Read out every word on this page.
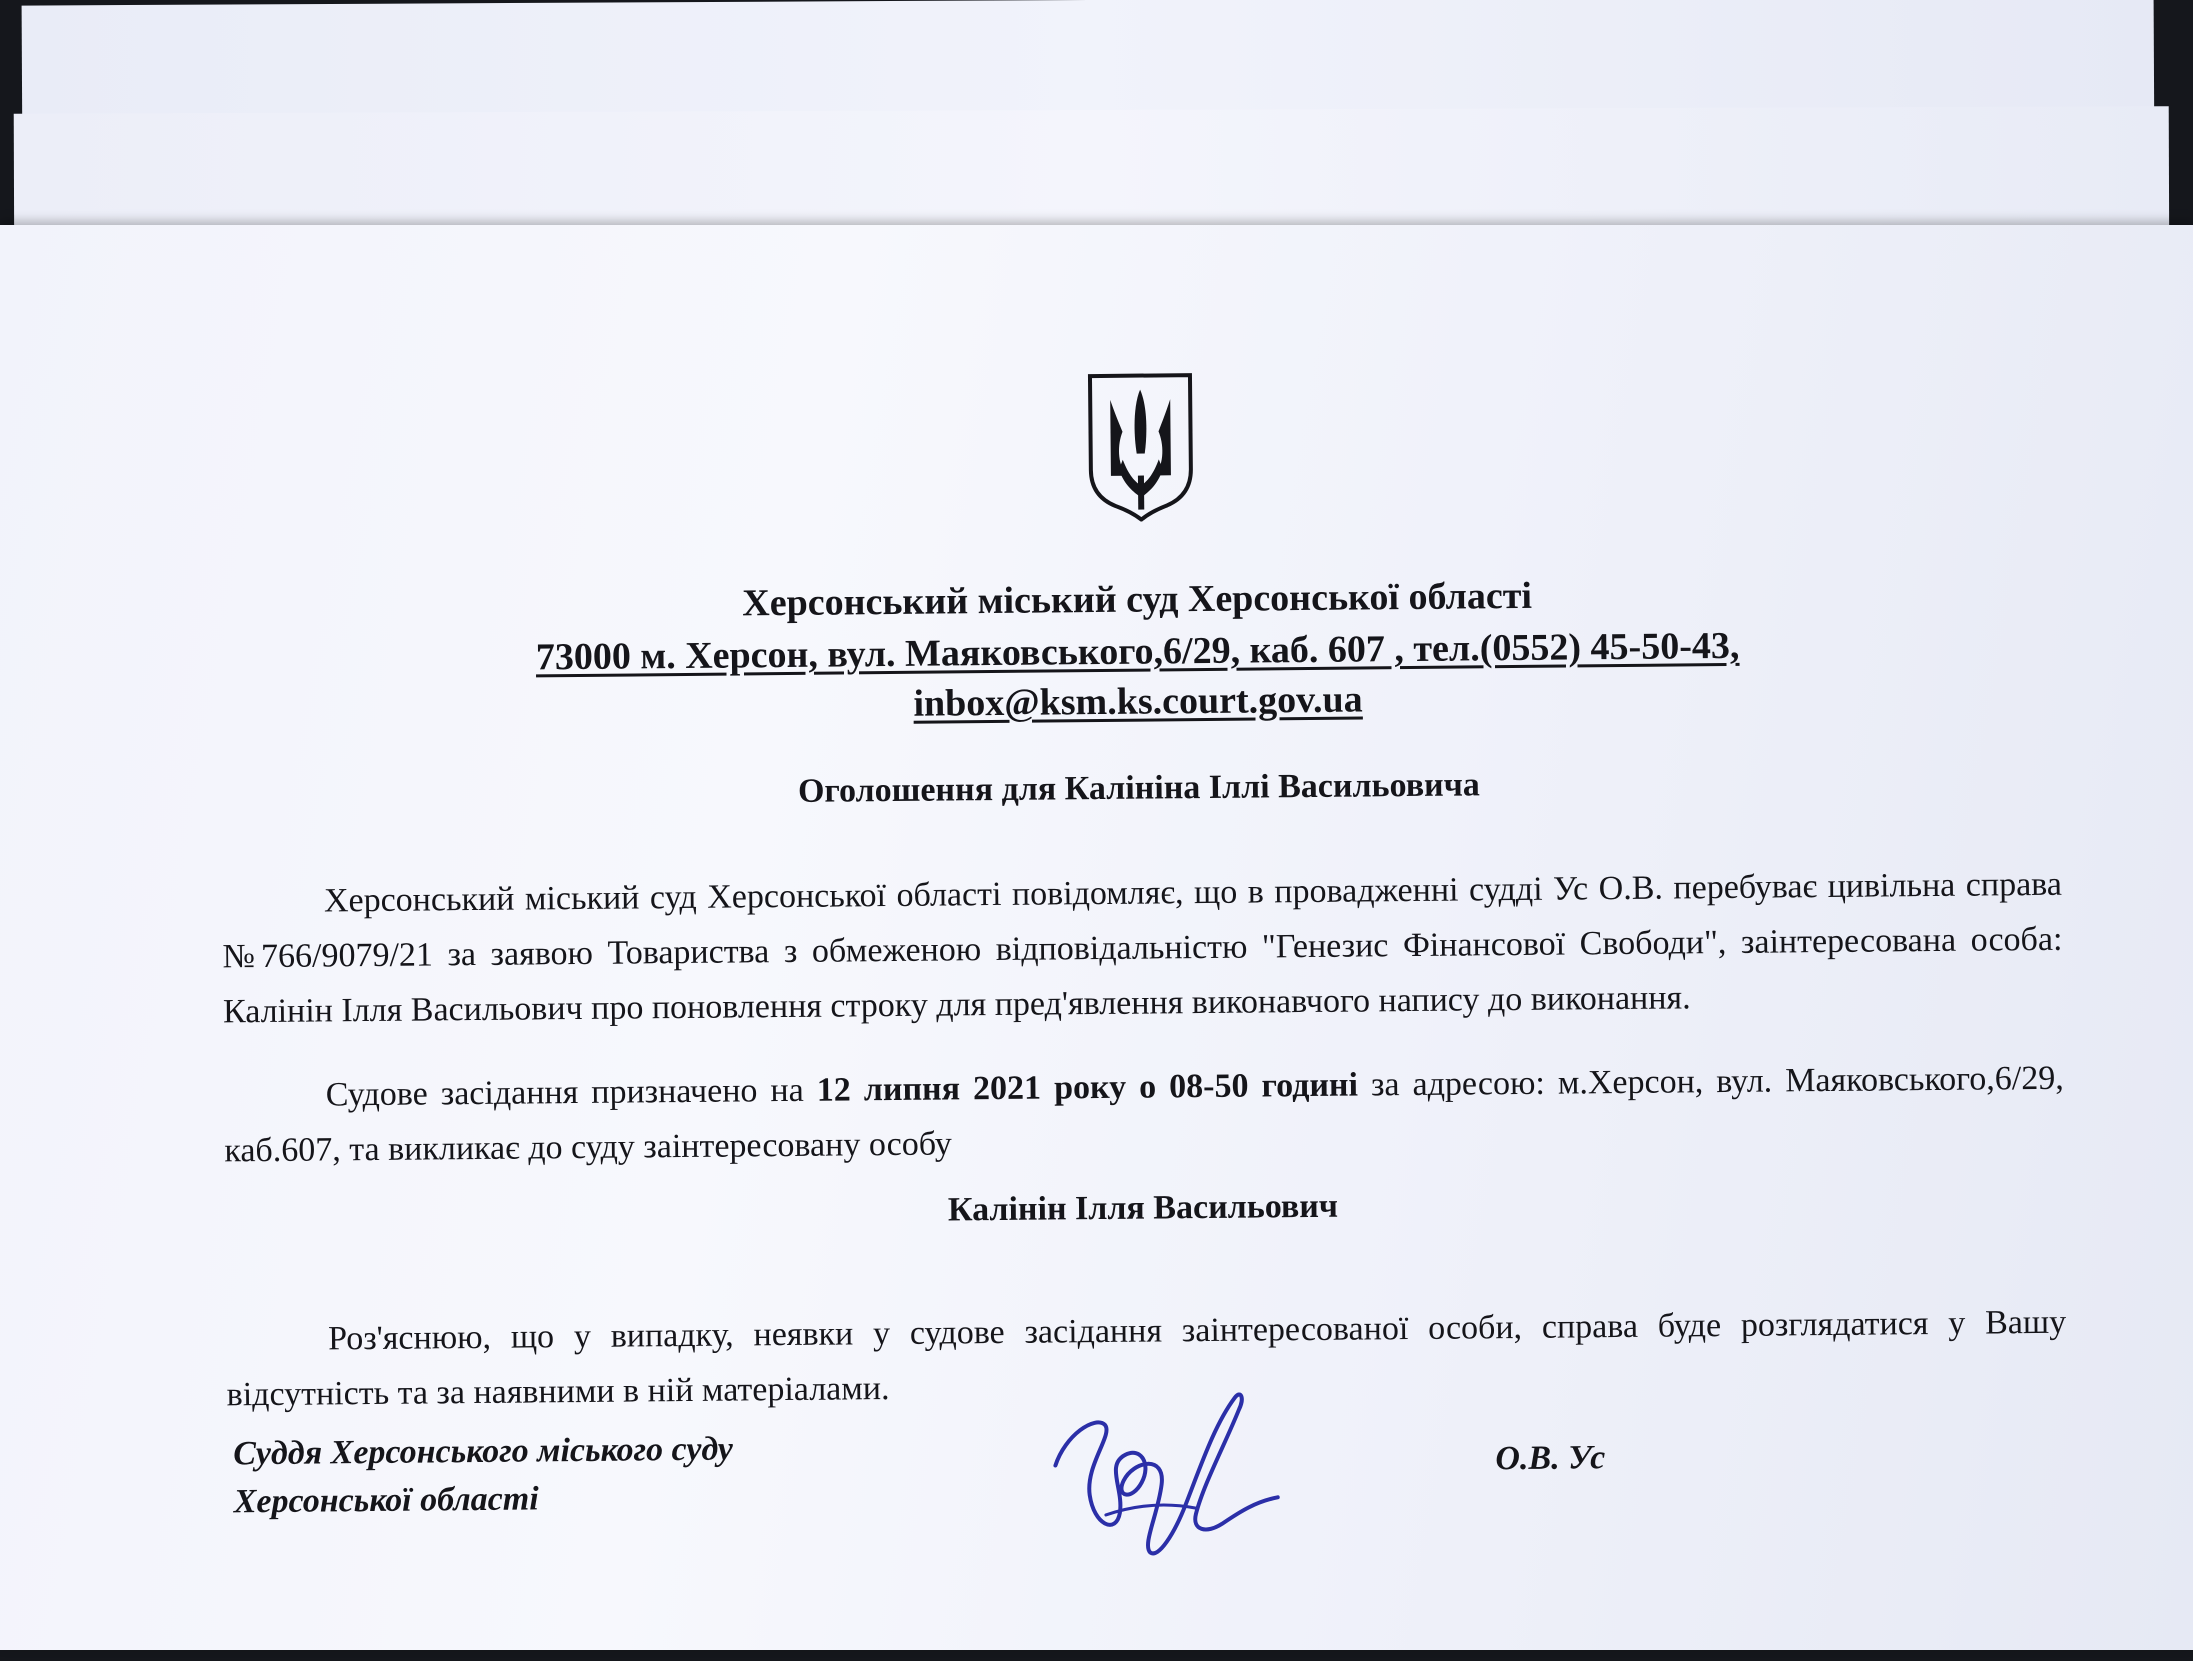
Херсонський міський суд Херсонської області
73000 м. Херсон, вул. Маяковського,6/29, каб. 607 , тел.(0552) 45-50-43,
inbox@ksm.ks.court.gov.ua
Оголошення для Калініна Іллі Васильовича

Херсонський міський суд Херсонської області повідомляє, що в провадженні судді Ус О.В. перебуває цивільна справа №766/9079/21 за заявою Товариства з обмеженою відповідальністю "Генезис Фінансової Свободи", заінтересована особа: Калінін Ілля Васильович про поновлення строку для пред'явлення виконавчого напису до виконання.

Судове засідання призначено на 12 липня 2021 року о 08-50 годині за адресою: м.Херсон, вул. Маяковського,6/29, каб.607, та викликає до суду заінтересовану особу

Калінін Ілля Васильович

Роз'яснюю, що у випадку, неявки у судове засідання заінтересованої особи, справа буде розглядатися у Вашу відсутність та за наявними в ній матеріалами.

Суддя Херсонського міського суду
Херсонської області
О.В. Ус
